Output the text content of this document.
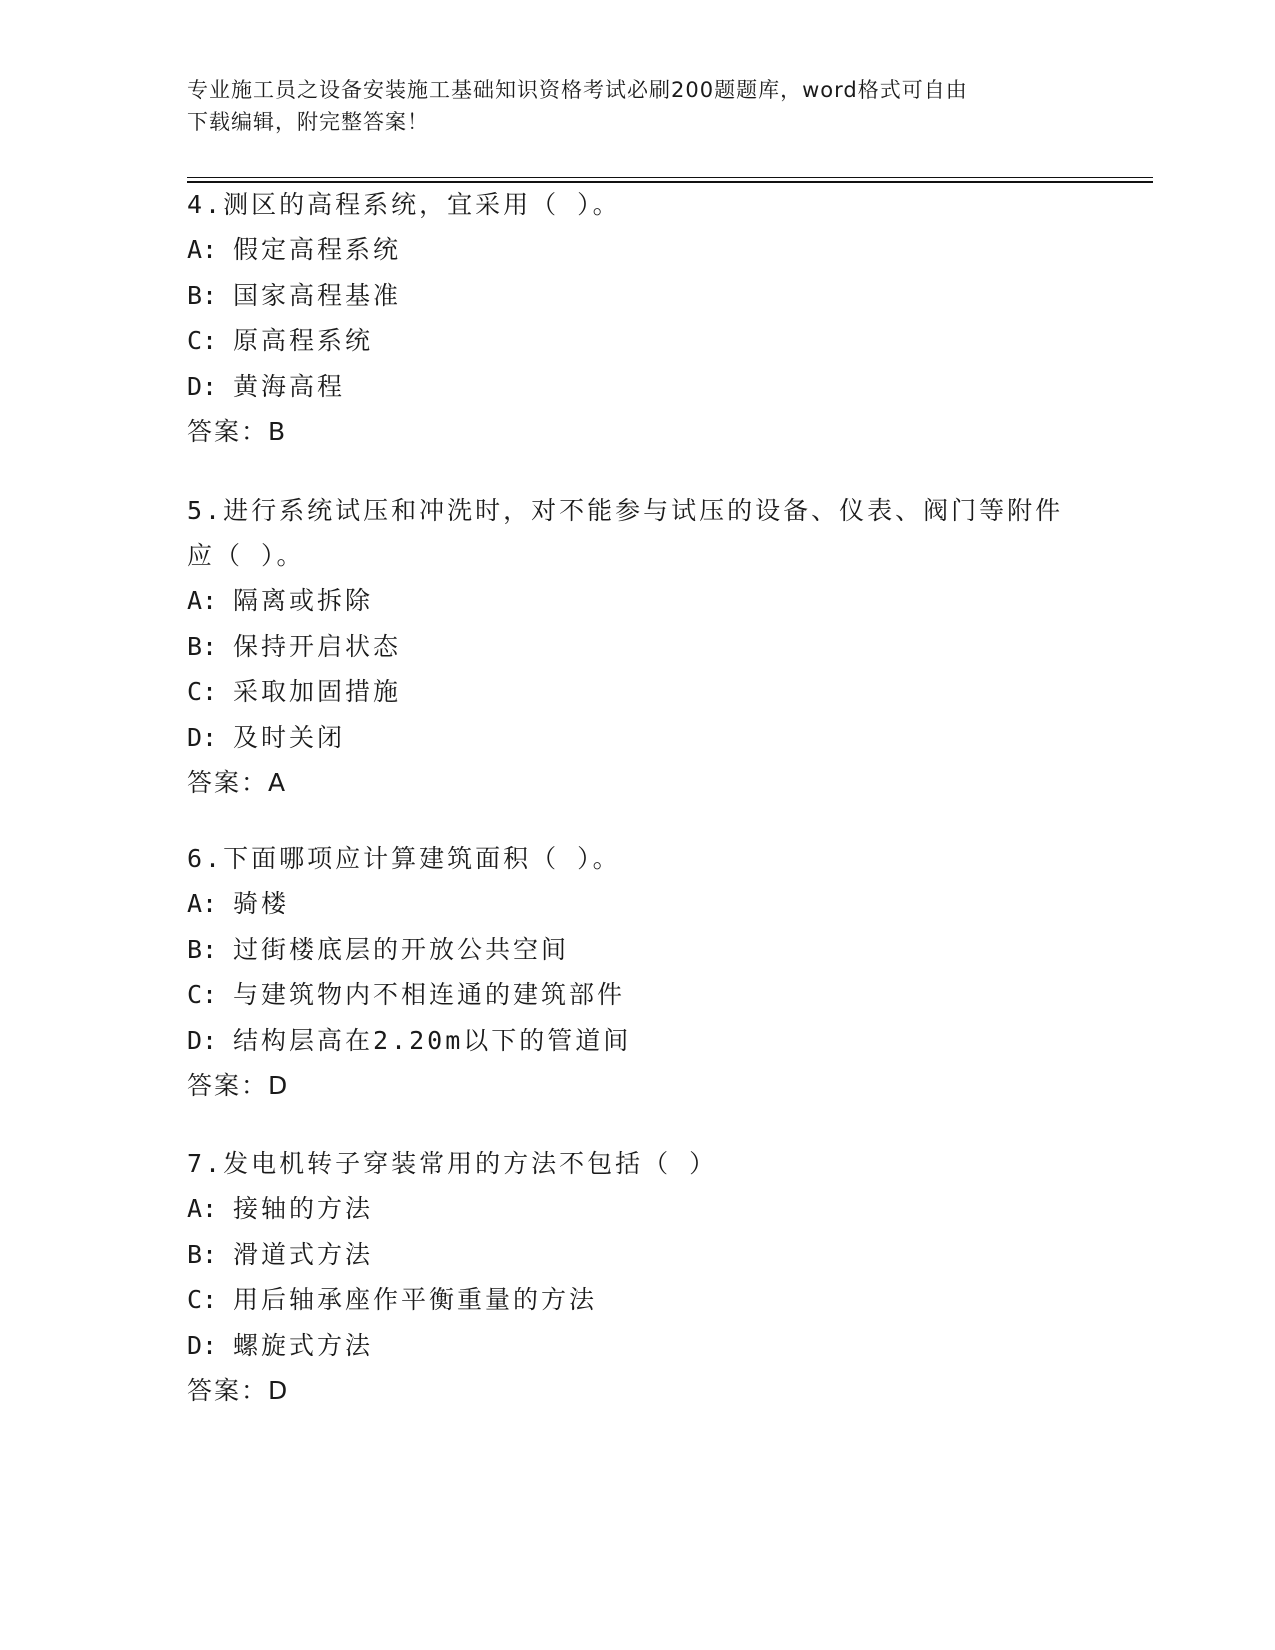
专业施工员之设备安装施工基础知识资格考试必刷200题题库，word格式可自由
下载编辑，附完整答案！

4.测区的高程系统，宜采用（ ）。

A: 假定高程系统

B: 国家高程基准

C: 原高程系统

D: 黄海高程

答案：B

5.进行系统试压和冲洗时，对不能参与试压的设备、仪表、阀门等附件应（ ）。

A: 隔离或拆除

B: 保持开启状态

C: 采取加固措施

D: 及时关闭

答案：A

6.下面哪项应计算建筑面积（ ）。

A: 骑楼

B: 过街楼底层的开放公共空间

C: 与建筑物内不相连通的建筑部件

D: 结构层高在2.20m以下的管道间

答案：D

7.发电机转子穿装常用的方法不包括（ ）

A: 接轴的方法

B: 滑道式方法

C: 用后轴承座作平衡重量的方法

D: 螺旋式方法

答案：D
